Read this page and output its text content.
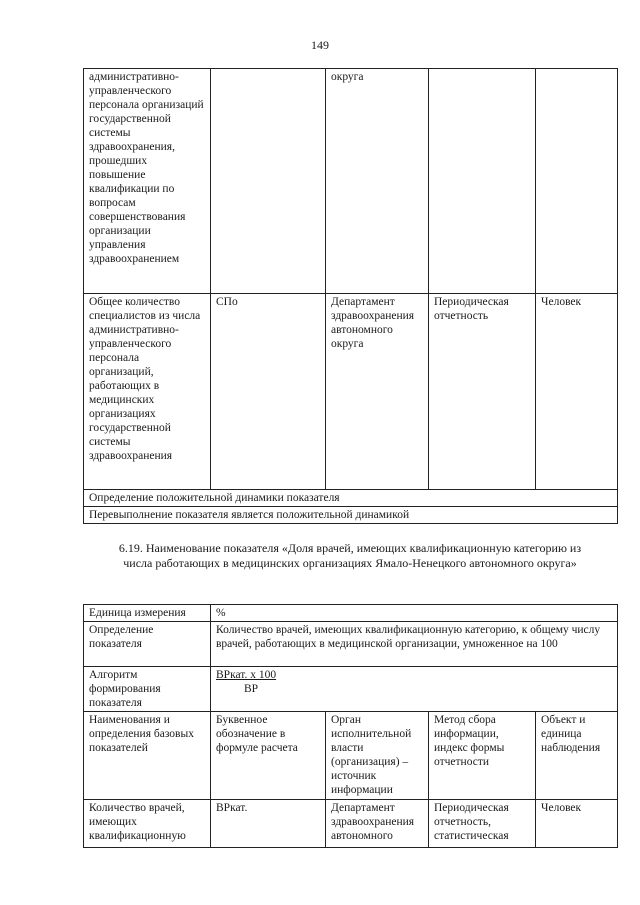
149
административно-управленческого персонала организаций государственной системы здравоохранения, прошедших повышение квалификации по вопросам совершенствования организации управления здравоохранением		округа		
Общее количество специалистов из числа административно-управленческого персонала организаций, работающих в медицинских организациях государственной системы здравоохранения	СПо	Департамент здравоохранения автономного округа	Периодическая отчетность	Человек
Определение положительной динамики показателя				
Перевыполнение показателя является положительной динамикой				
6.19. Наименование показателя «Доля врачей, имеющих квалификационную категорию из числа работающих в медицинских организациях Ямало-Ненецкого автономного округа»
Единица измерения	%			
Определение показателя	Количество врачей, имеющих квалификационную категорию, к общему числу врачей, работающих в медицинской организации, умноженное на 100			
Алгоритм формирования показателя	ВРкат. х 100
ВР			

Наименования и определения базовых показателей	Буквенное обозначение в формуле расчета	Орган исполнительной власти (организация) – источник информации	Метод сбора информации, индекс формы отчетности	Объект и единица наблюдения
Количество врачей, имеющих квалификационную	ВРкат.	Департамент здравоохранения автономного	Периодическая отчетность, статистическая	Человек
